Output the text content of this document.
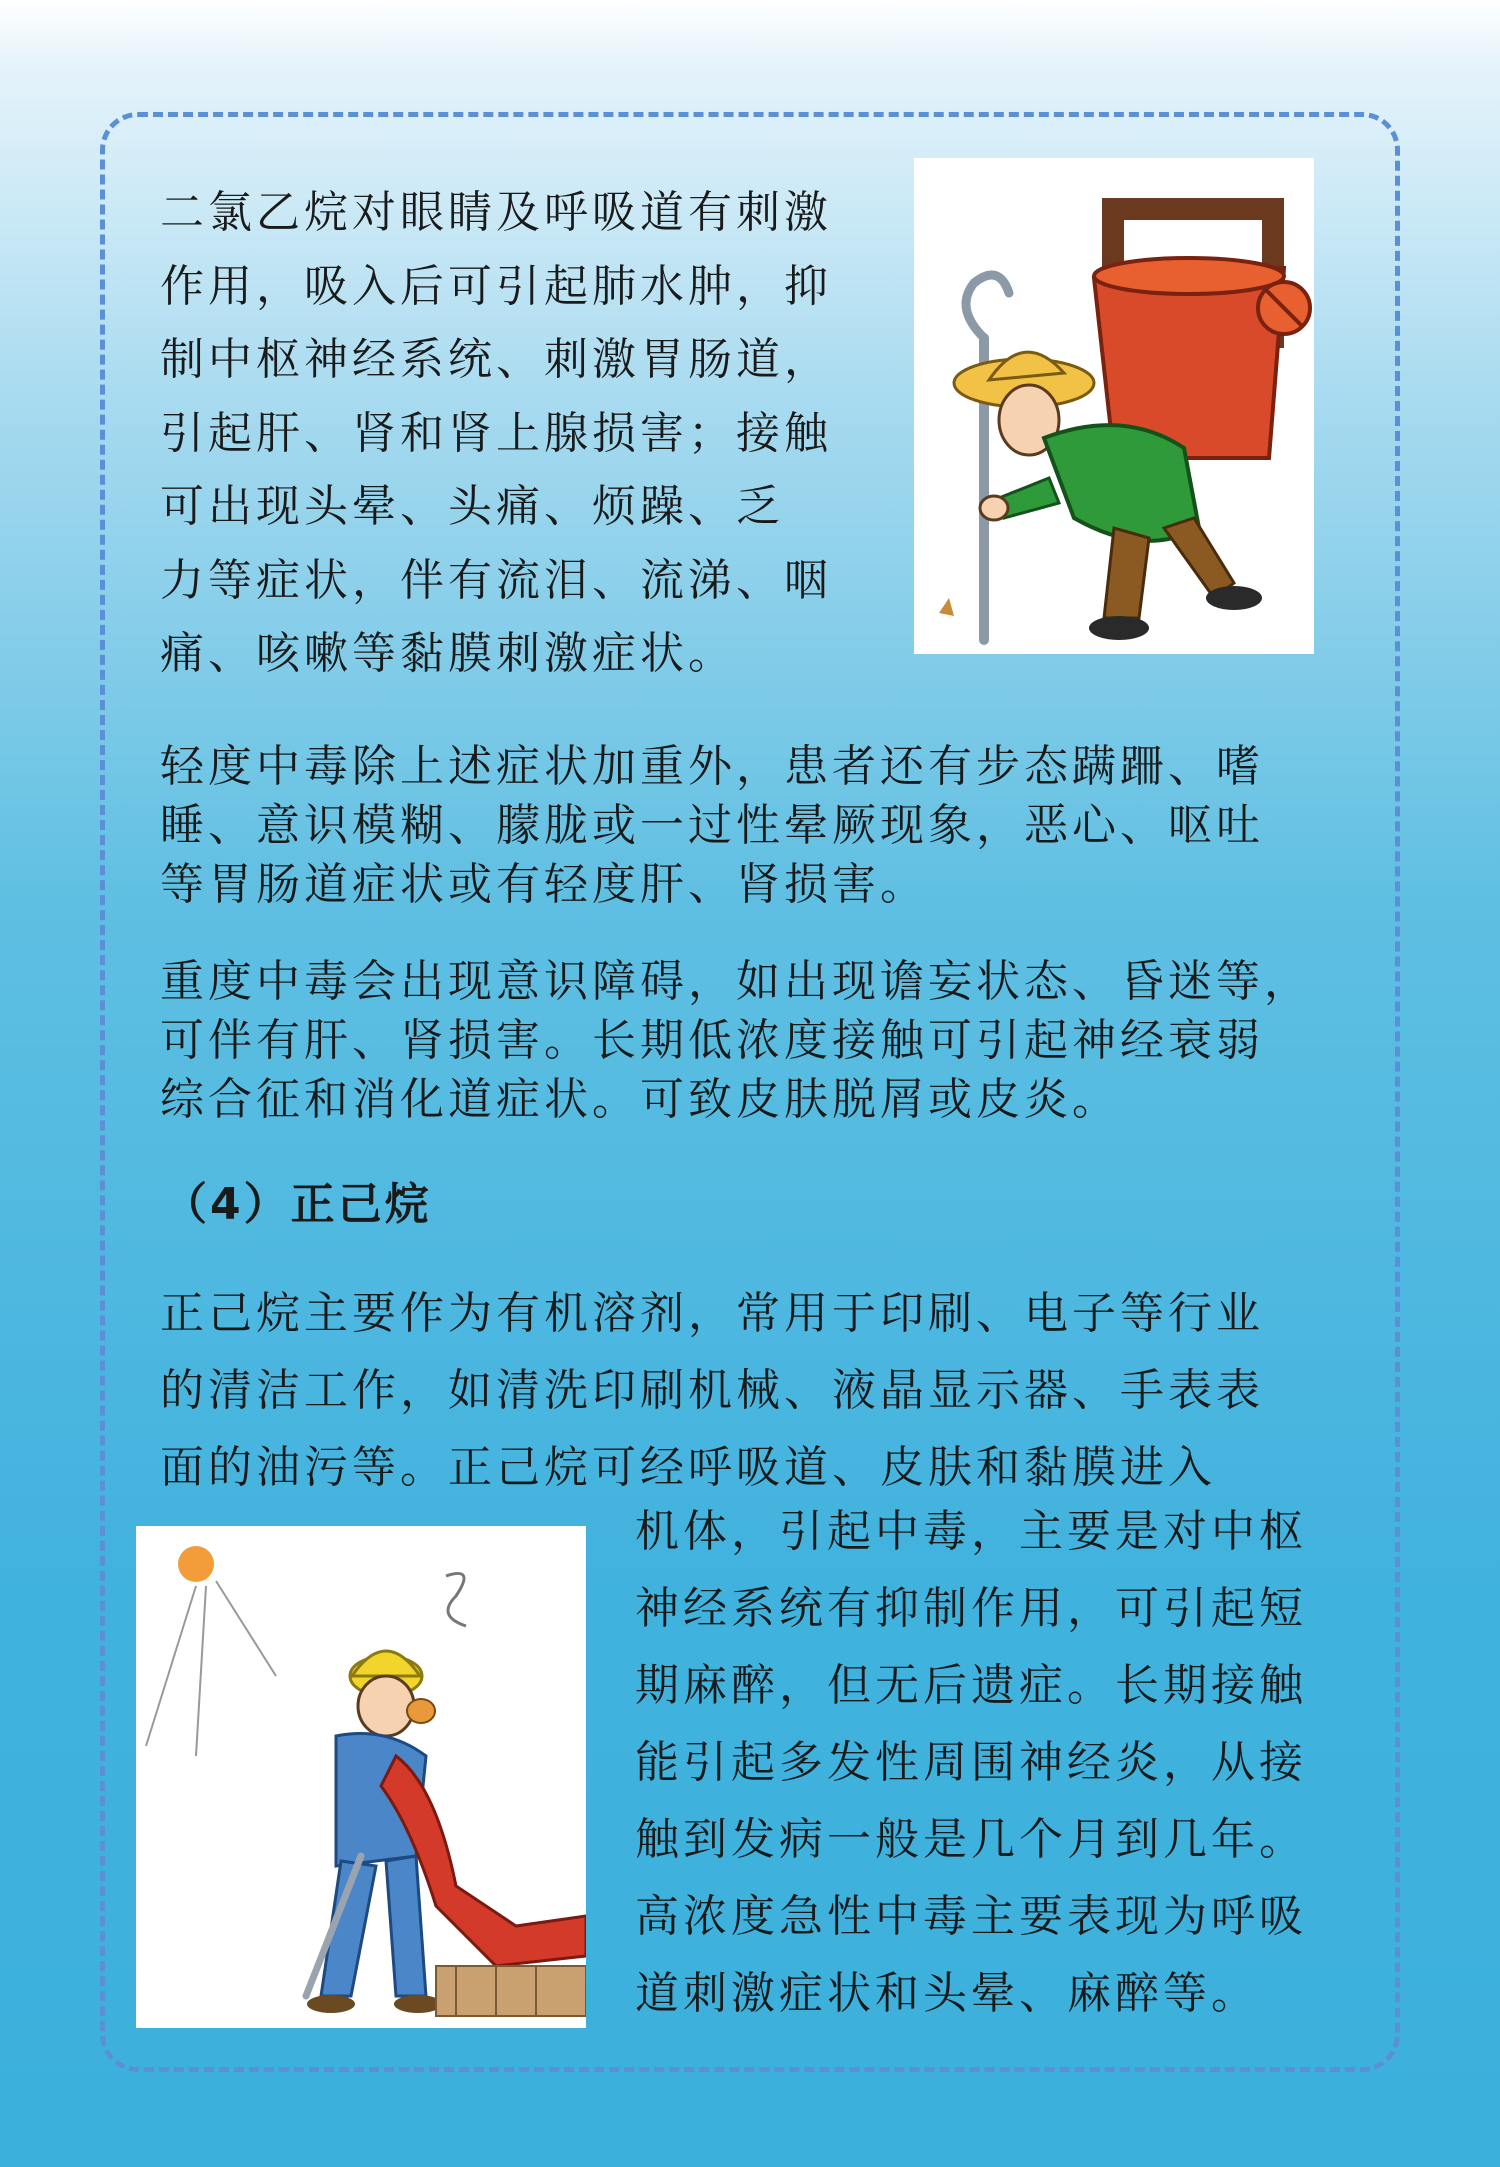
二氯乙烷对眼睛及呼吸道有刺激
作用，吸入后可引起肺水肿，抑
制中枢神经系统、刺激胃肠道，
引起肝、肾和肾上腺损害；接触
可出现头晕、头痛、烦躁、乏
力等症状，伴有流泪、流涕、咽
痛、咳嗽等黏膜刺激症状。

轻度中毒除上述症状加重外，患者还有步态蹒跚、嗜
睡、意识模糊、朦胧或一过性晕厥现象，恶心、呕吐
等胃肠道症状或有轻度肝、肾损害。

重度中毒会出现意识障碍，如出现谵妄状态、昏迷等，
可伴有肝、肾损害。长期低浓度接触可引起神经衰弱
综合征和消化道症状。可致皮肤脱屑或皮炎。

（4）正己烷

正己烷主要作为有机溶剂，常用于印刷、电子等行业
的清洁工作，如清洗印刷机械、液晶显示器、手表表
面的油污等。正己烷可经呼吸道、皮肤和黏膜进入

机体，引起中毒，主要是对中枢
神经系统有抑制作用，可引起短
期麻醉，但无后遗症。长期接触
能引起多发性周围神经炎，从接
触到发病一般是几个月到几年。
高浓度急性中毒主要表现为呼吸
道刺激症状和头晕、麻醉等。
